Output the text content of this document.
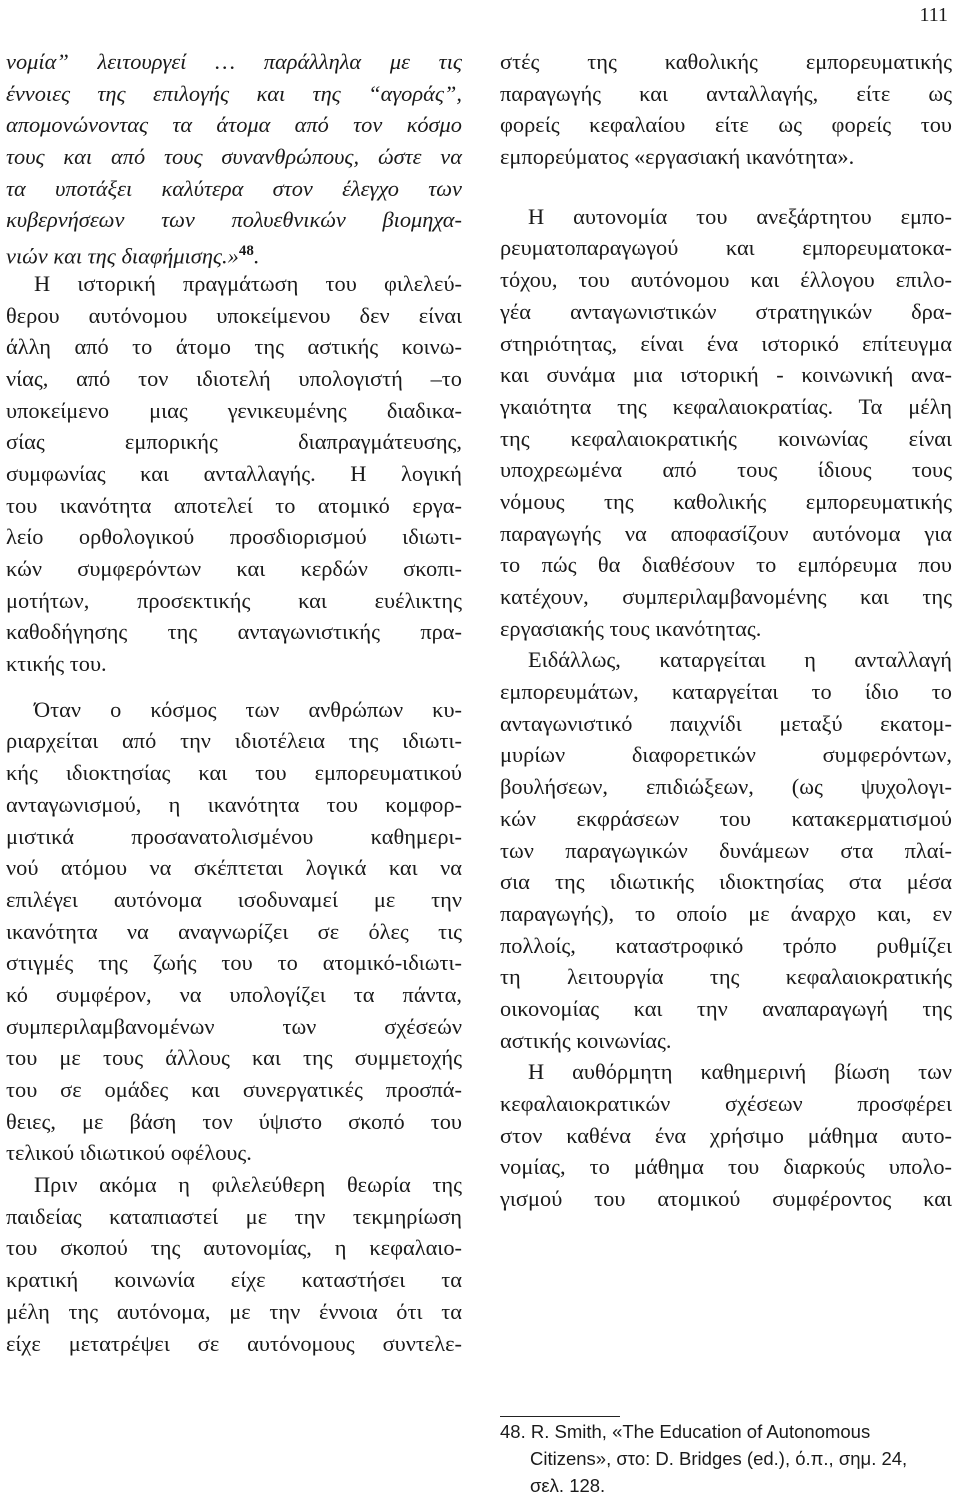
111
νομία” λειτουργεί … παράλληλα με τις
έννοιες της επιλογής και της “αγοράς”,
απομονώνοντας τα άτομα από τον κόσμο
τους και από τους συνανθρώπους, ώστε να
τα υποτάξει καλύτερα στον έλεγχο των
κυβερνήσεων των πολυεθνικών βιομηχα-
νιών και της διαφήμισης.»$^{48}$.
Η ιστορική πραγμάτωση του φιλελεύ-
θερου αυτόνομου υποκείμενου δεν είναι
άλλη από το άτομο της αστικής κοινω-
νίας, από τον ιδιοτελή υπολογιστή –το
υποκείμενο μιας γενικευμένης διαδικα-
σίας εμπορικής διαπραγμάτευσης,
συμφωνίας και ανταλλαγής. Η λογική
του ικανότητα αποτελεί το ατομικό εργα-
λείο ορθολογικού προσδιορισμού ιδιωτι-
κών συμφερόντων και κερδών σκοπι-
μοτήτων, προσεκτικής και ευέλικτης
καθοδήγησης της ανταγωνιστικής πρα-
κτικής του.
Όταν ο κόσμος των ανθρώπων κυ-
ριαρχείται από την ιδιοτέλεια της ιδιωτι-
κής ιδιοκτησίας και του εμπορευματικού
ανταγωνισμού, η ικανότητα του κομφορ-
μιστικά προσανατολισμένου καθημερι-
νού ατόμου να σκέπτεται λογικά και να
επιλέγει αυτόνομα ισοδυναμεί με την
ικανότητα να αναγνωρίζει σε όλες τις
στιγμές της ζωής του το ατομικό-ιδιωτι-
κό συμφέρον, να υπολογίζει τα πάντα,
συμπεριλαμβανομένων των σχέσεών
του με τους άλλους και της συμμετοχής
του σε ομάδες και συνεργατικές προσπά-
θειες, με βάση τον ύψιστο σκοπό του
τελικού ιδιωτικού οφέλους.
Πριν ακόμα η φιλελεύθερη θεωρία της
παιδείας καταπιαστεί με την τεκμηρίωση
του σκοπού της αυτονομίας, η κεφαλαιο-
κρατική κοινωνία είχε καταστήσει τα
μέλη της αυτόνομα, με την έννοια ότι τα
είχε μετατρέψει σε αυτόνομους συντελε-
στές της καθολικής εμπορευματικής
παραγωγής και ανταλλαγής, είτε ως
φορείς κεφαλαίου είτε ως φορείς του
εμπορεύματος «εργασιακή ικανότητα».
Η αυτονομία του ανεξάρτητου εμπο-
ρευματοπαραγωγού και εμπορευματοκα-
τόχου, του αυτόνομου και έλλογου επιλο-
γέα ανταγωνιστικών στρατηγικών δρα-
στηριότητας, είναι ένα ιστορικό επίτευγμα
και συνάμα μια ιστορική - κοινωνική ανα-
γκαιότητα της κεφαλαιοκρατίας. Τα μέλη
της κεφαλαιοκρατικής κοινωνίας είναι
υποχρεωμένα από τους ίδιους τους
νόμους της καθολικής εμπορευματικής
παραγωγής να αποφασίζουν αυτόνομα για
το πώς θα διαθέσουν το εμπόρευμα που
κατέχουν, συμπεριλαμβανομένης και της
εργασιακής τους ικανότητας.
Ειδάλλως, καταργείται η ανταλλαγή
εμπορευμάτων, καταργείται το ίδιο το
ανταγωνιστικό παιχνίδι μεταξύ εκατομ-
μυρίων διαφορετικών συμφερόντων,
βουλήσεων, επιδιώξεων, (ως ψυχολογι-
κών εκφράσεων του κατακερματισμού
των παραγωγικών δυνάμεων στα πλαί-
σια της ιδιωτικής ιδιοκτησίας στα μέσα
παραγωγής), το οποίο με άναρχο και, εν
πολλοίς, καταστροφικό τρόπο ρυθμίζει
τη λειτουργία της κεφαλαιοκρατικής
οικονομίας και την αναπαραγωγή της
αστικής κοινωνίας.
Η αυθόρμητη καθημερινή βίωση των
κεφαλαιοκρατικών σχέσεων προσφέρει
στον καθένα ένα χρήσιμο μάθημα αυτο-
νομίας, το μάθημα του διαρκούς υπολο-
γισμού του ατομικού συμφέροντος και
48. R. Smith, «The Education of Autonomous
Citizens», στο: D. Bridges (ed.), ό.π., σημ. 24,
σελ. 128.
